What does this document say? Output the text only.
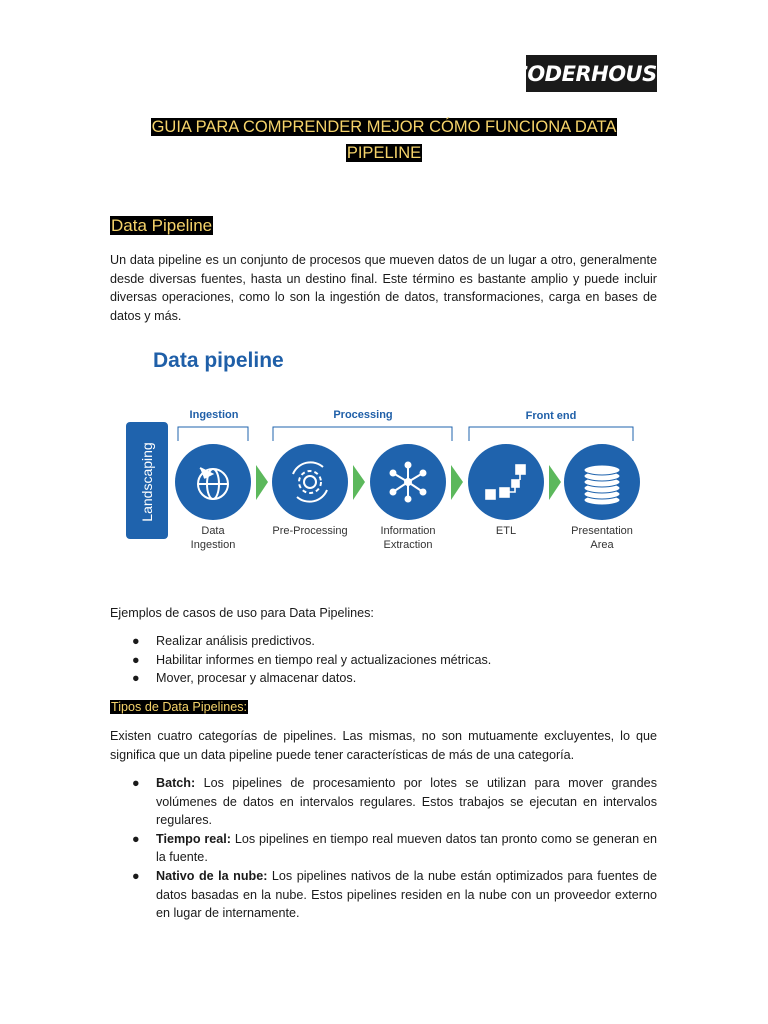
CODERHOUSE
GUIA PARA COMPRENDER MEJOR CÓMO FUNCIONA DATA
PIPELINE
Data Pipeline
Un data pipeline es un conjunto de procesos que mueven datos de un lugar a otro, generalmente desde diversas fuentes, hasta un destino final. Este término es bastante amplio y puede incluir diversas operaciones, como lo son la ingestión de datos, transformaciones, carga en bases de datos y más.
Data pipeline
Ingestion	Processing	Front end
Landscaping
Data
Ingestion
Pre-Processing	Information
Extraction
ETL	Presentation
Area
Ejemplos de casos de uso para Data Pipelines:
● Realizar análisis predictivos.
● Habilitar informes en tiempo real y actualizaciones métricas.
● Mover, procesar y almacenar datos.
Tipos de Data Pipelines:
Existen cuatro categorías de pipelines. Las mismas, no son mutuamente excluyentes, lo que significa que un data pipeline puede tener características de más de una categoría.
● Batch: Los pipelines de procesamiento por lotes se utilizan para mover grandes volúmenes de datos en intervalos regulares. Estos trabajos se ejecutan en intervalos regulares.
● Tiempo real: Los pipelines en tiempo real mueven datos tan pronto como se generan en la fuente.
● Nativo de la nube: Los pipelines nativos de la nube están optimizados para fuentes de datos basadas en la nube. Estos pipelines residen en la nube con un proveedor externo en lugar de internamente.
